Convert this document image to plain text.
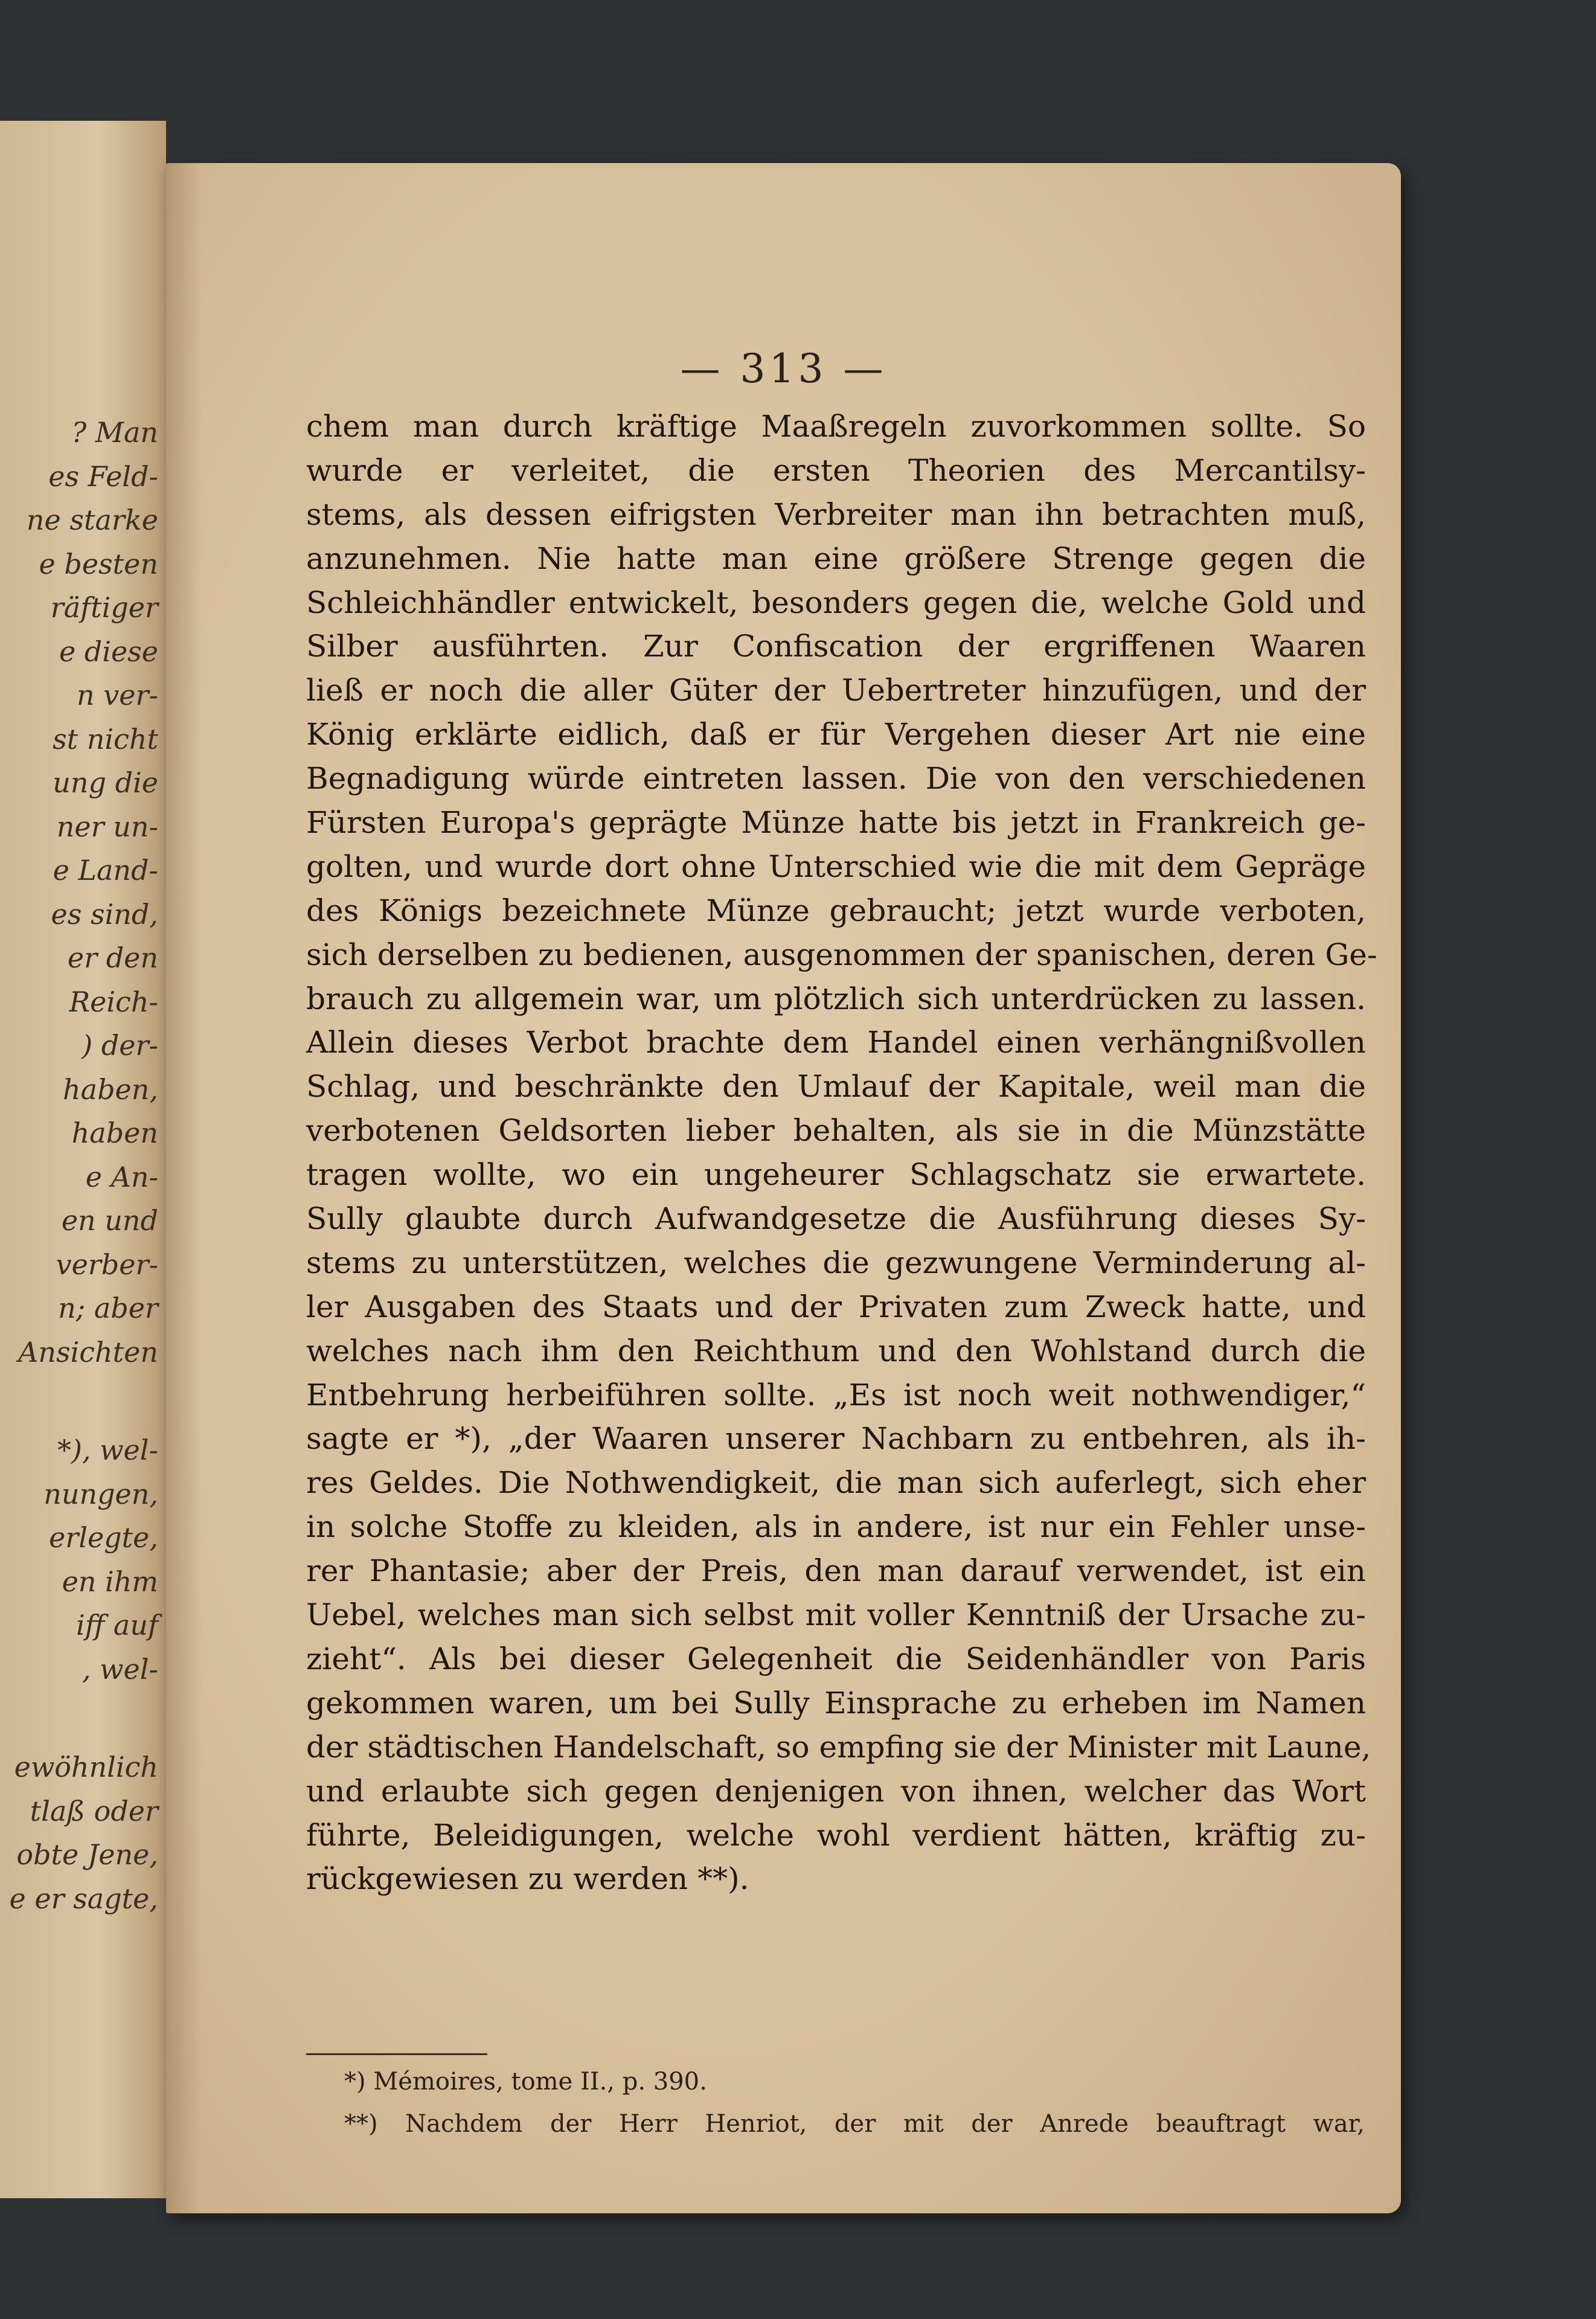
? Man
es Feld-
ne starke
e besten
räftiger
e diese
n ver-
st nicht
ung die
ner un-
e Land-
es sind,
er den
Reich-
) der-
haben,
haben
e An-
en und
verber-
n; aber
Ansichten
*), wel-
nungen,
erlegte,
en ihm
iff auf
, wel-
ewöhnlich
tlaß oder
obte Jene,
e er sagte,
— 313 —
chem man durch kräftige Maaßregeln zuvorkommen sollte. So
wurde er verleitet, die ersten Theorien des Mercantilsy-
stems, als dessen eifrigsten Verbreiter man ihn betrachten muß,
anzunehmen. Nie hatte man eine größere Strenge gegen die
Schleichhändler entwickelt, besonders gegen die, welche Gold und
Silber ausführten. Zur Confiscation der ergriffenen Waaren
ließ er noch die aller Güter der Uebertreter hinzufügen, und der
König erklärte eidlich, daß er für Vergehen dieser Art nie eine
Begnadigung würde eintreten lassen. Die von den verschiedenen
Fürsten Europa's geprägte Münze hatte bis jetzt in Frankreich ge-
golten, und wurde dort ohne Unterschied wie die mit dem Gepräge
des Königs bezeichnete Münze gebraucht; jetzt wurde verboten,
sich derselben zu bedienen, ausgenommen der spanischen, deren Ge-
brauch zu allgemein war, um plötzlich sich unterdrücken zu lassen.
Allein dieses Verbot brachte dem Handel einen verhängnißvollen
Schlag, und beschränkte den Umlauf der Kapitale, weil man die
verbotenen Geldsorten lieber behalten, als sie in die Münzstätte
tragen wollte, wo ein ungeheurer Schlagschatz sie erwartete.
Sully glaubte durch Aufwandgesetze die Ausführung dieses Sy-
stems zu unterstützen, welches die gezwungene Verminderung al-
ler Ausgaben des Staats und der Privaten zum Zweck hatte, und
welches nach ihm den Reichthum und den Wohlstand durch die
Entbehrung herbeiführen sollte. „Es ist noch weit nothwendiger,“
sagte er *), „der Waaren unserer Nachbarn zu entbehren, als ih-
res Geldes. Die Nothwendigkeit, die man sich auferlegt, sich eher
in solche Stoffe zu kleiden, als in andere, ist nur ein Fehler unse-
rer Phantasie; aber der Preis, den man darauf verwendet, ist ein
Uebel, welches man sich selbst mit voller Kenntniß der Ursache zu-
zieht“. Als bei dieser Gelegenheit die Seidenhändler von Paris
gekommen waren, um bei Sully Einsprache zu erheben im Namen
der städtischen Handelschaft, so empfing sie der Minister mit Laune,
und erlaubte sich gegen denjenigen von ihnen, welcher das Wort
führte, Beleidigungen, welche wohl verdient hätten, kräftig zu-
rückgewiesen zu werden **).
*) Mémoires, tome II., p. 390.
**) Nachdem der Herr Henriot, der mit der Anrede beauftragt war,
